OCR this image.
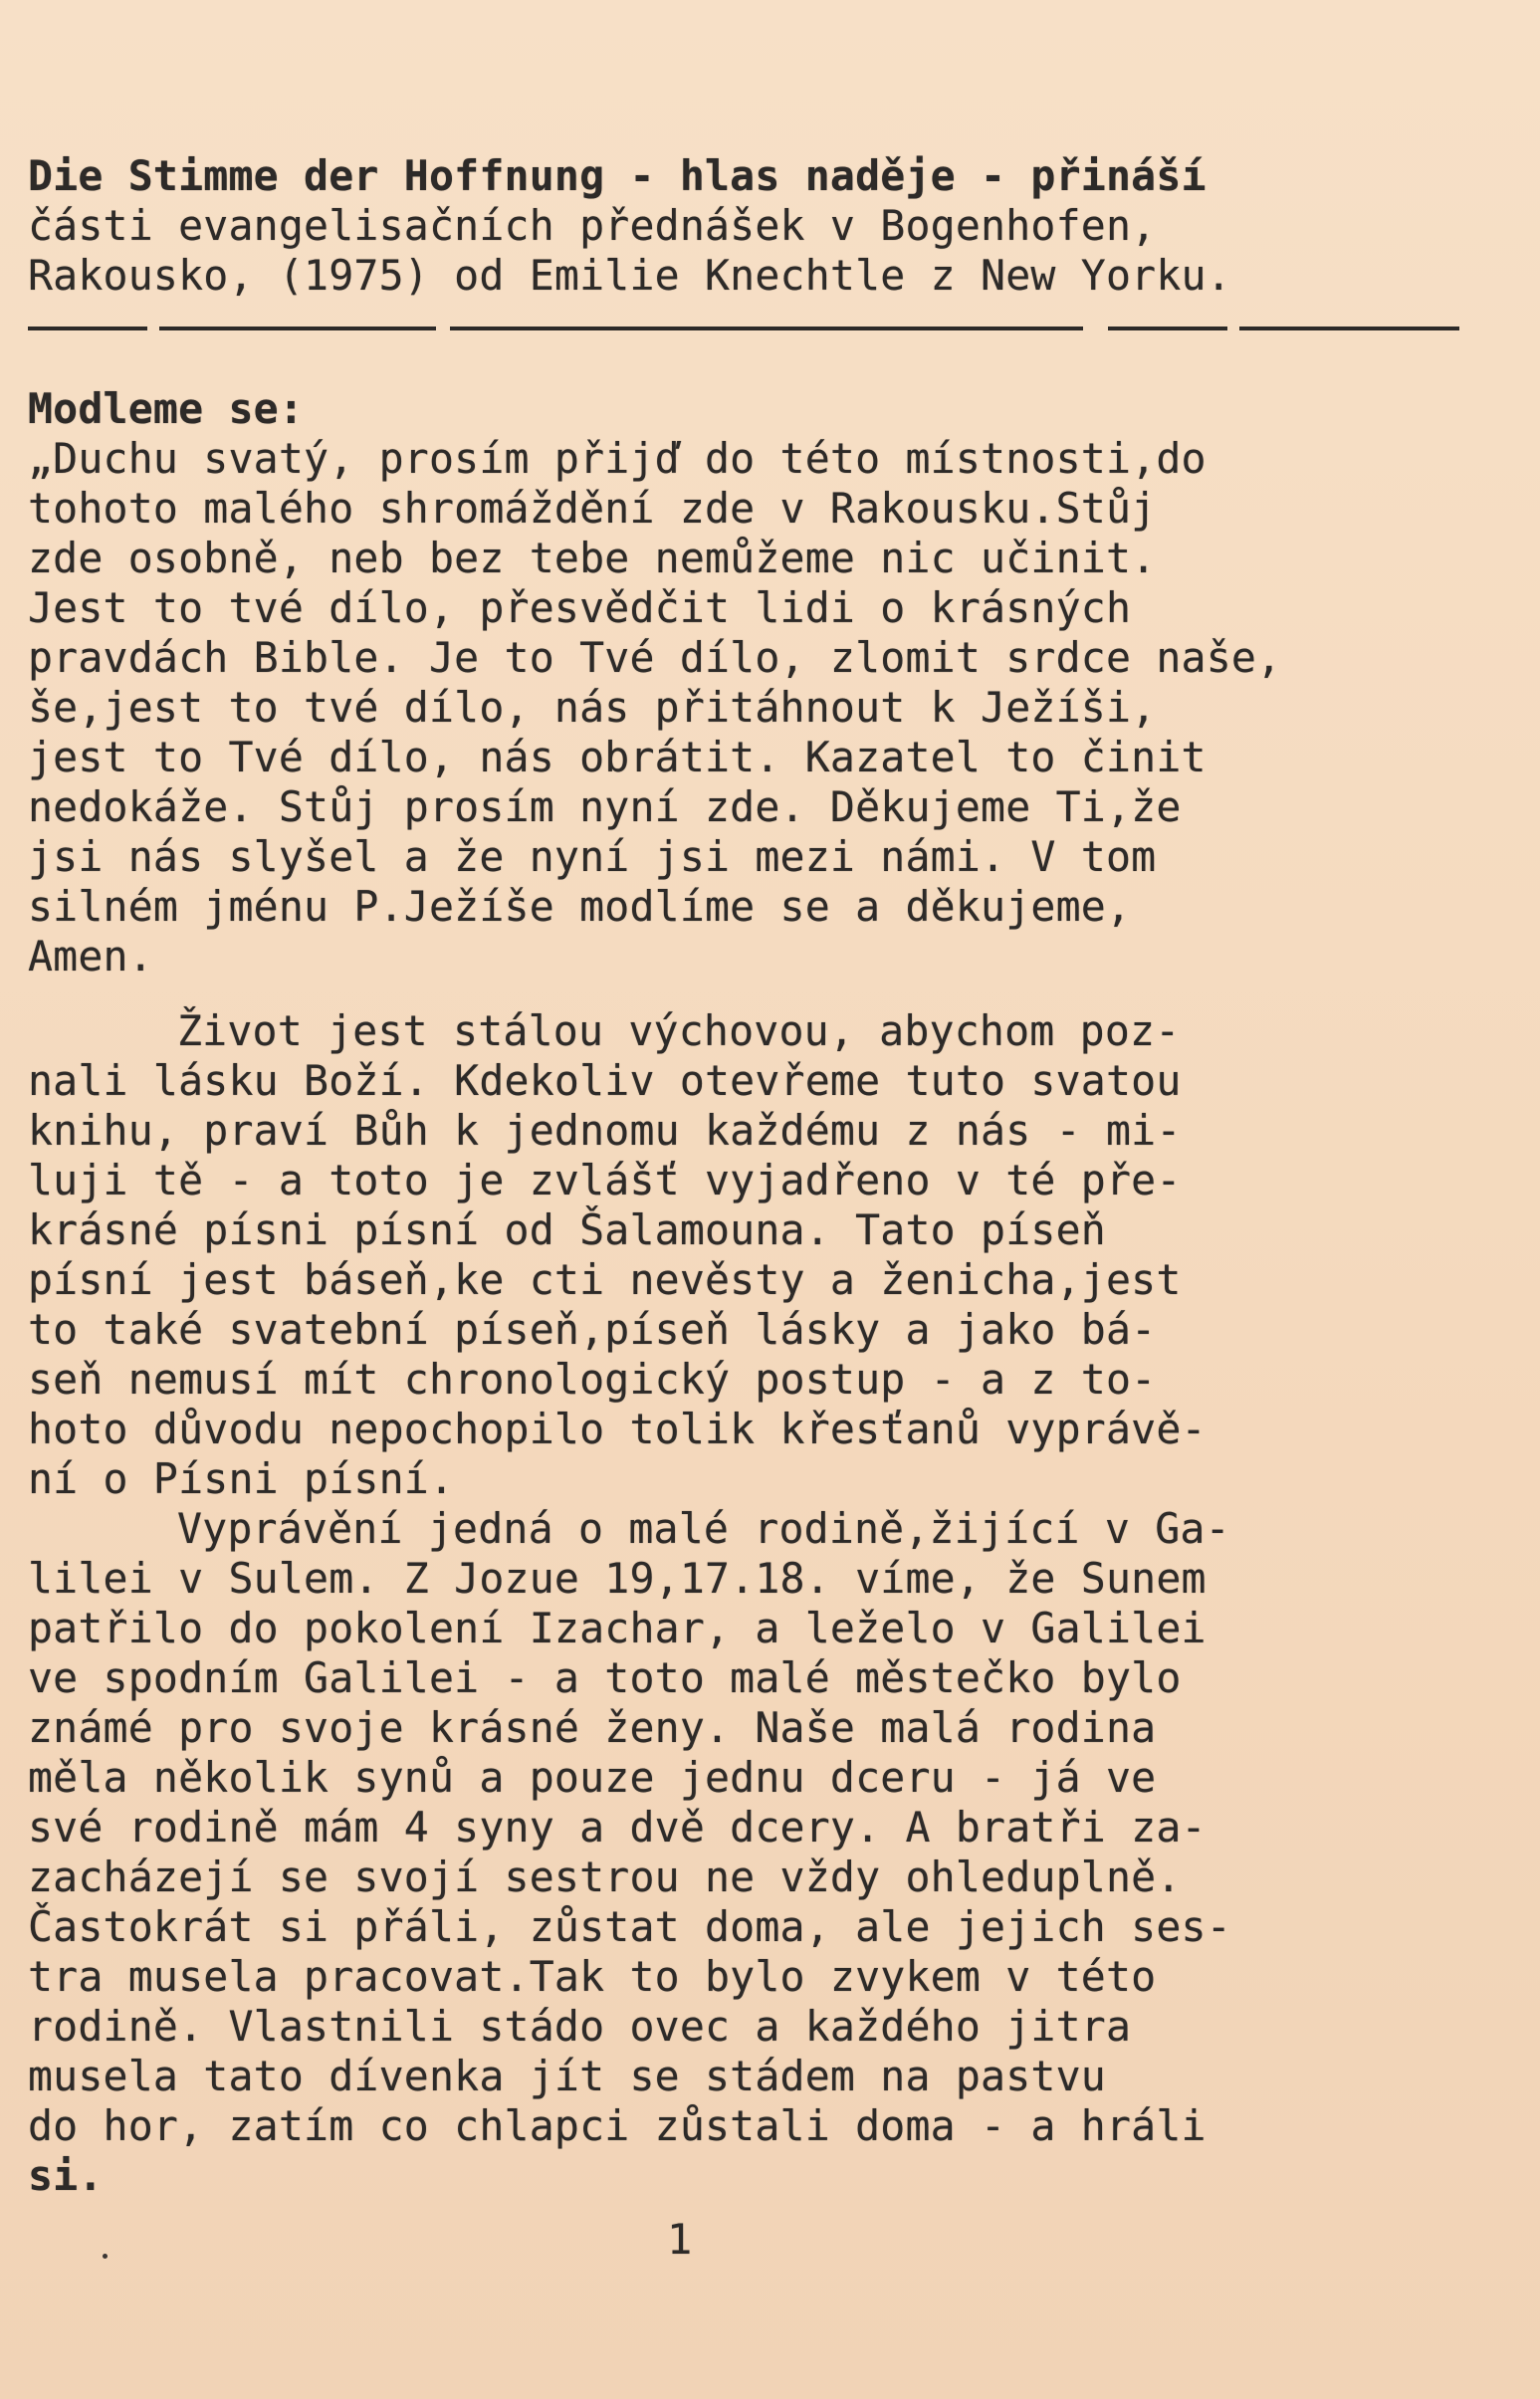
Die Stimme der Hoffnung - hlas naděje - přináší

části evangelisačních přednášek v Bogenhofen,

Rakousko, (1975) od Emilie Knechtle z New Yorku.

Modleme se:

„Duchu svatý, prosím přijď do této místnosti,do

tohoto malého shromáždění zde v Rakousku.Stůj

zde osobně, neb bez tebe nemůžeme nic učinit.

Jest to tvé dílo, přesvědčit lidi o krásných

pravdách Bible. Je to Tvé dílo, zlomit srdce naše,

še,jest to tvé dílo, nás přitáhnout k Ježíši,

jest to Tvé dílo, nás obrátit. Kazatel to činit

nedokáže. Stůj prosím nyní zde. Děkujeme Ti,že

jsi nás slyšel a že nyní jsi mezi námi. V tom

silném jménu P.Ježíše modlíme se a děkujeme,

Amen.

Život jest stálou výchovou, abychom poz-

nali lásku Boží. Kdekoliv otevřeme tuto svatou

knihu, praví Bůh k jednomu každému z nás - mi-

luji tě - a toto je zvlášť vyjadřeno v té pře-

krásné písni písní od Šalamouna. Tato píseň

písní jest báseň,ke cti nevěsty a ženicha,jest

to také svatební píseň,píseň lásky a jako bá-

seň nemusí mít chronologický postup - a z to-

hoto důvodu nepochopilo tolik křesťanů vyprávě-

ní o Písni písní.

Vyprávění jedná o malé rodině,žijící v Ga-

lilei v Sulem. Z Jozue 19,17.18. víme, že Sunem

patřilo do pokolení Izachar, a leželo v Galilei

ve spodním Galilei - a toto malé městečko bylo

známé pro svoje krásné ženy. Naše malá rodina

měla několik synů a pouze jednu dceru - já ve

své rodině mám 4 syny a dvě dcery. A bratři za-

zacházejí se svojí sestrou ne vždy ohleduplně.

Častokrát si přáli, zůstat doma, ale jejich ses-

tra musela pracovat.Tak to bylo zvykem v této

rodině. Vlastnili stádo ovec a každého jitra

musela tato dívenka jít se stádem na pastvu

do hor, zatím co chlapci zůstali doma - a hráli

si.

1
